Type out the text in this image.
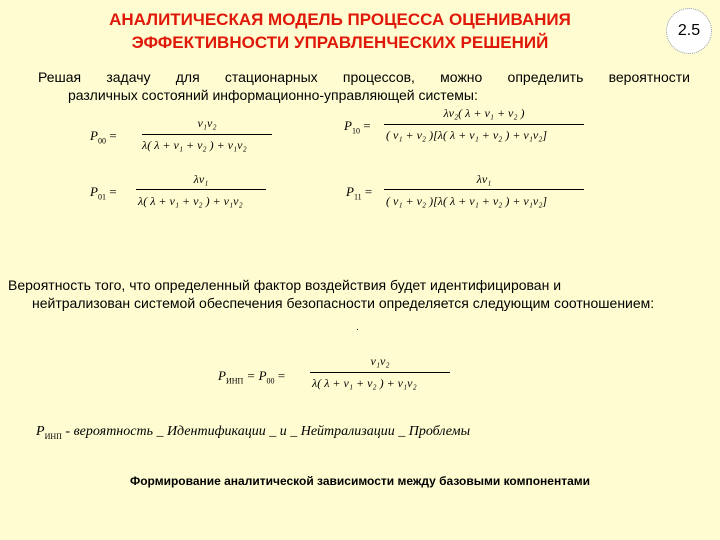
АНАЛИТИЧЕСКАЯ МОДЕЛЬ ПРОЦЕССА ОЦЕНИВАНИЯ
ЭФФЕКТИВНОСТИ УПРАВЛЕНЧЕСКИХ РЕШЕНИЙ
2.5
Решая задачу для стационарных процессов, можно определить вероятности
различных состояний информационно-управляющей системы:
$P_{00}$ =
ν₁ν₂
λ( λ + ν₁ + ν₂ ) + ν₁ν₂
$P_{10}$ =
λν₂( λ + ν₁ + ν₂ )
( ν₁ + ν₂ )[λ( λ + ν₁ + ν₂ ) + ν₁ν₂]
$P_{01}$ =
λν₁
λ( λ + ν₁ + ν₂ ) + ν₁ν₂
$P_{11}$ =
λν₁
( ν₁ + ν₂ )[λ( λ + ν₁ + ν₂ ) + ν₁ν₂]
Вероятность того, что определенный фактор воздействия будет идентифицирован и
нейтрализован системой обеспечения безопасности определяется следующим соотношением:
.
$P_{ИНП} = P_{00}$ =
ν₁ν₂
λ( λ + ν₁ + ν₂ ) + ν₁ν₂
$P_{ИНП}$ - вероятность _ Идентификации _ и _ Нейтрализации _ Проблемы
Формирование аналитической зависимости между базовыми компонентами
